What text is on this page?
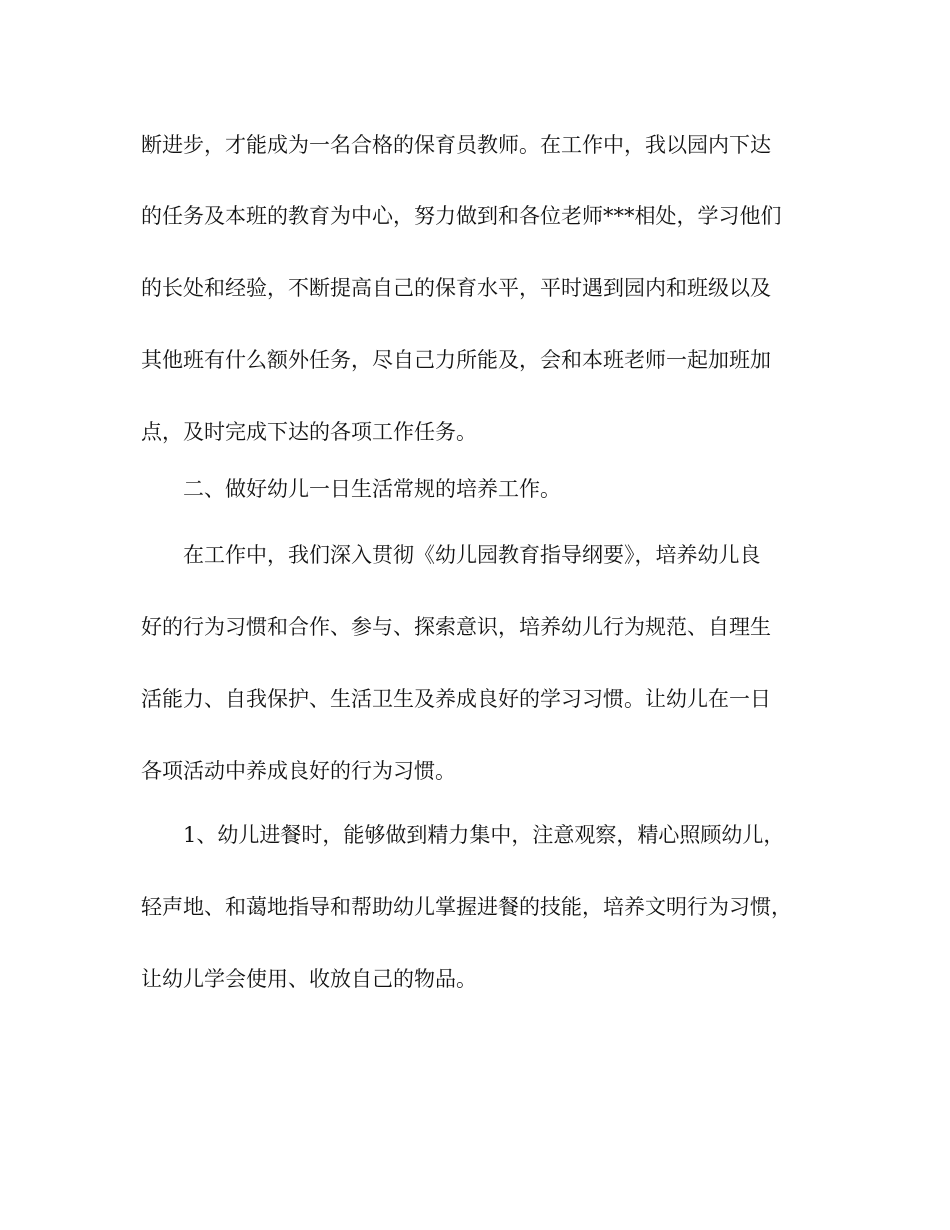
断进步，才能成为一名合格的保育员教师。在工作中，我以园内下达
的任务及本班的教育为中心，努力做到和各位老师***相处，学习他们
的长处和经验，不断提高自己的保育水平，平时遇到园内和班级以及
其他班有什么额外任务，尽自己力所能及，会和本班老师一起加班加
点，及时完成下达的各项工作任务。
二、做好幼儿一日生活常规的培养工作。
在工作中，我们深入贯彻《幼儿园教育指导纲要》，培养幼儿良
好的行为习惯和合作、参与、探索意识，培养幼儿行为规范、自理生
活能力、自我保护、生活卫生及养成良好的学习习惯。让幼儿在一日
各项活动中养成良好的行为习惯。
1、幼儿进餐时，能够做到精力集中，注意观察，精心照顾幼儿，
轻声地、和蔼地指导和帮助幼儿掌握进餐的技能，培养文明行为习惯，
让幼儿学会使用、收放自己的物品。
